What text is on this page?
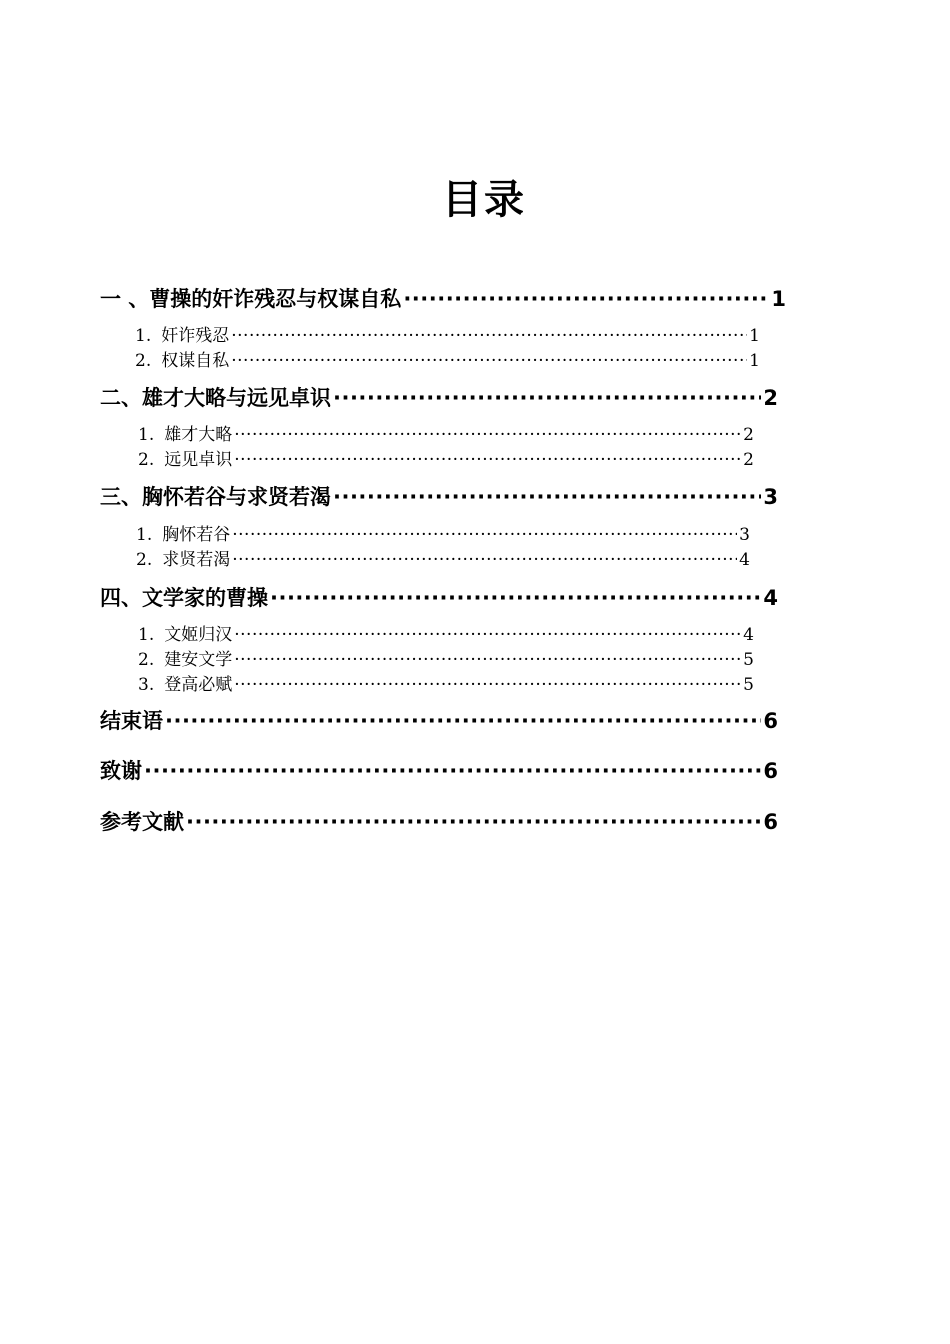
目录
一 、曹操的奸诈残忍与权谋自私 ·····	1
1. 奸诈残忍 ·····	1
2. 权谋自私 ·····	1
二、雄才大略与远见卓识 ·····	2
1. 雄才大略 ·····	2
2. 远见卓识 ·····	2
三、胸怀若谷与求贤若渴 ·····	3
1. 胸怀若谷 ·····	3
2. 求贤若渴 ·····	4
四、文学家的曹操 ·····	4
1. 文姬归汉 ·····	4
2. 建安文学 ·····	5
3. 登高必赋 ·····	5
结束语 ·····	6
致谢 ·····	6
参考文献 ·····	6
